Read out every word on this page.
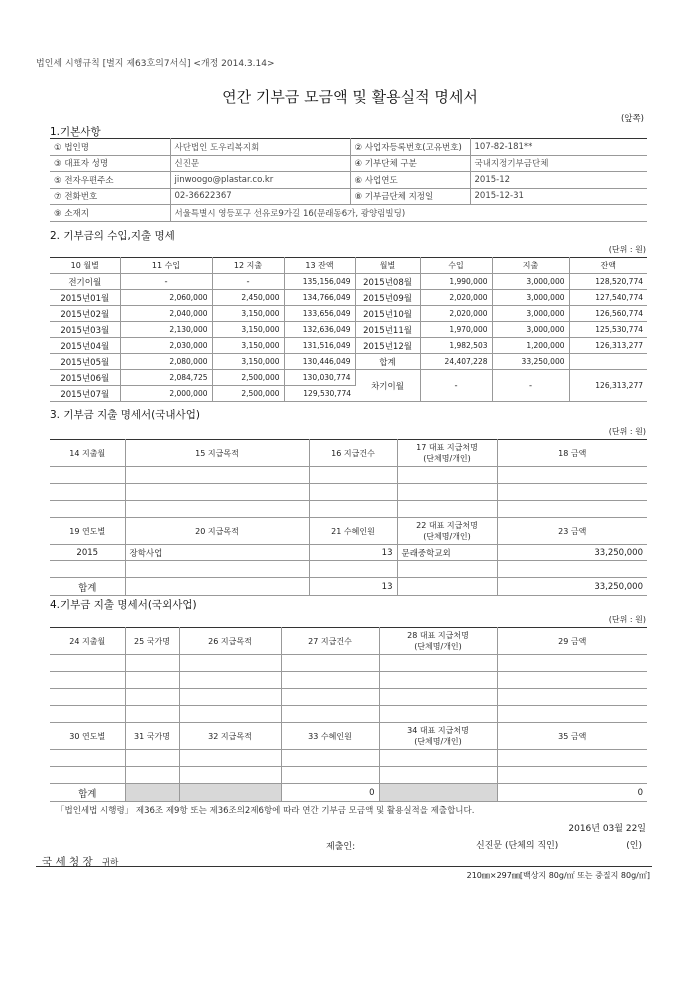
법인세 시행규칙 [별지 제63호의7서식] <개정 2014.3.14>
연간 기부금 모금액 및 활용실적 명세서
(앞쪽)
1.기본사항
① 법인명	사단법인 도우리복지회	② 사업자등록번호(고유번호)	107-82-181**
③ 대표자 성명	신진문	④ 기부단체 구분	국내지정기부금단체
⑤ 전자우편주소	jinwoogo@plastar.co.kr	⑥ 사업연도	2015-12
⑦ 전화번호	02-36622367	⑧ 기부금단체 지정일	2015-12-31
⑨ 소재지	서울특별시 영등포구 선유로9가길 16(문래동6가, 광양림빌딩)		
2. 기부금의 수입,지출 명세
(단위 : 원)
10 월별	11 수입	12 지출	13 잔액	월별	수입	지출	잔액
전기이월	-	-	135,156,049	2015년08월	1,990,000	3,000,000	128,520,774
2015년01월	2,060,000	2,450,000	134,766,049	2015년09월	2,020,000	3,000,000	127,540,774
2015년02월	2,040,000	3,150,000	133,656,049	2015년10월	2,020,000	3,000,000	126,560,774
2015년03월	2,130,000	3,150,000	132,636,049	2015년11월	1,970,000	3,000,000	125,530,774
2015년04월	2,030,000	3,150,000	131,516,049	2015년12월	1,982,503	1,200,000	126,313,277
2015년05월	2,080,000	3,150,000	130,446,049	합계	24,407,228	33,250,000	
2015년06월	2,084,725	2,500,000	130,030,774	차기이월	-	-	126,313,277
2015년07월	2,000,000	2,500,000	129,530,774				
3. 기부금 지출 명세서(국내사업)
(단위 : 원)
14 지출월	15 지급목적	16 지급건수	17 대표 지급처명
(단체명/개인)	18 금액

19 연도별	20 지급목적	21 수혜인원	22 대표 지급처명
(단체명/개인)	23 금액
2015	장학사업	13	문래중학교외	33,250,000

합계		13		33,250,000
4.기부금 지출 명세서(국외사업)
(단위 : 원)
24 지출월	25 국가명	26 지급목적	27 지급건수	28 대표 지급처명
(단체명/개인)	29 금액

30 연도별	31 국가명	32 지급목적	33 수혜인원	34 대표 지급처명
(단체명/개인)	35 금액

합계			0		0
「법인세법 시행령」 제36조 제9항 또는 제36조의2제6항에 따라 연간 기부금 모금액 및 활용실적을 제출합니다.
2016년 03월 22일
제출인:	신진문 (단체의 직인)	(인)
국 세 청 장 귀하
210㎜×297㎜[백상지 80g/㎡ 또는 중질지 80g/㎡]
